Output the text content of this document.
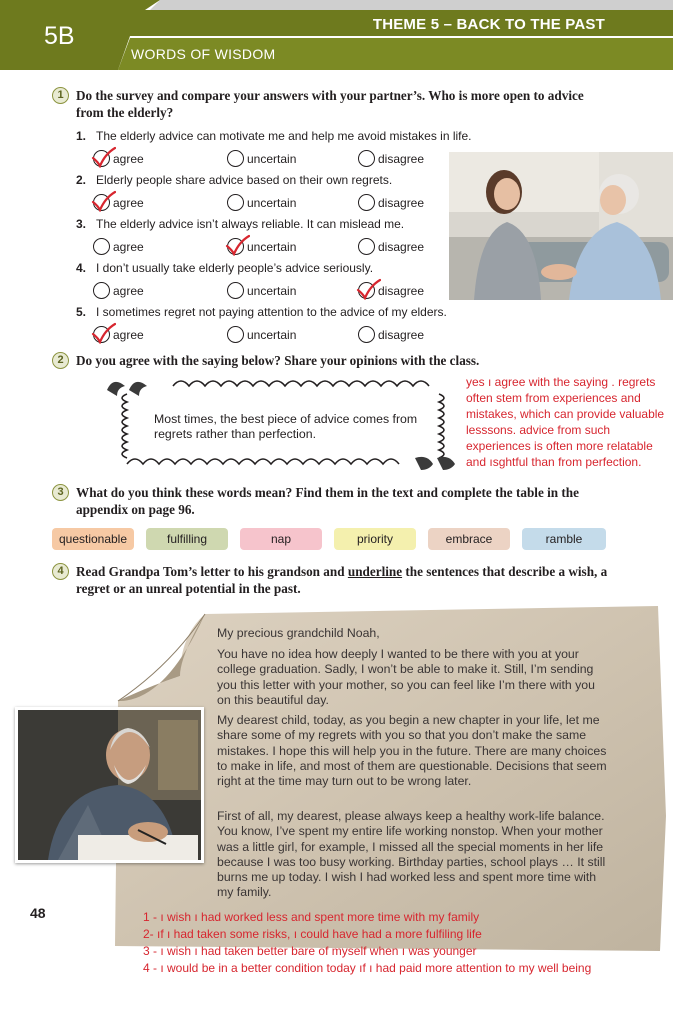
5B	THEME 5 – BACK TO THE PAST
WORDS OF WISDOM
1 Do the survey and compare your answers with your partner’s. Who is more open to advice from the elderly?
1. The elderly advice can motivate me and help me avoid mistakes in life.
2. Elderly people share advice based on their own regrets.
3. The elderly advice isn’t always reliable. It can mislead me.
4. I don’t usually take elderly people’s advice seriously.
5. I sometimes regret not paying attention to the advice of my elders.
agree	uncertain	disagree
agree	uncertain	disagree
agree	uncertain	disagree
agree	uncertain	disagree
agree	uncertain	disagree
2 Do you agree with the saying below? Share your opinions with the class.
Most times, the best piece of advice comes from regrets rather than perfection.
yes ı agree with the saying . regrets often stem from experiences and mistakes, which can provide valuable lesssons. advice from such experiences is often more relatable and ısghtful than from perfection.
3 What do you think these words mean? Find them in the text and complete the table in the appendix on page 96.
questionable	fulfilling	nap	priority	embrace	ramble
4 Read Grandpa Tom’s letter to his grandson and underline the sentences that describe a wish, a regret or an unreal potential in the past.
My precious grandchild Noah,
You have no idea how deeply I wanted to be there with you at your college graduation. Sadly, I won’t be able to make it. Still, I’m sending you this letter with your mother, so you can feel like I’m there with you on this beautiful day.
My dearest child, today, as you begin a new chapter in your life, let me share some of my regrets with you so that you don’t make the same mistakes. I hope this will help you in the future. There are many choices to make in life, and most of them are questionable. Decisions that seem right at the time may turn out to be wrong later.
First of all, my dearest, please always keep a healthy work-life balance. You know, I’ve spent my entire life working nonstop. When your mother was a little girl, for example, I missed all the special moments in her life because I was too busy working. Birthday parties, school plays … It still burns me up today. I wish I had worked less and spent more time with my family.
48	1 - ı wish ı had worked less and spent more time with my family
2- ıf ı had taken some risks, ı could have had a more fulfiling life
3 - ı wish ı had taken better bare of myself when ı was younger
4 - ı would be in a better condition today ıf ı had paid more attention to my well being
